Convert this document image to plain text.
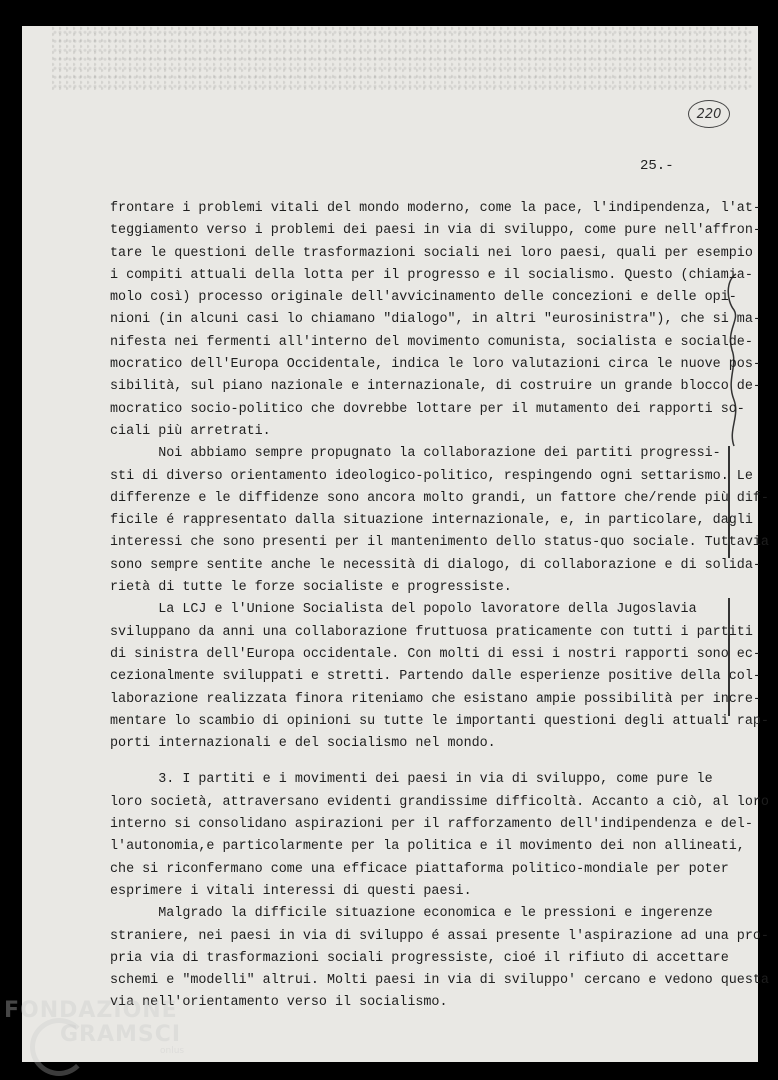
220
25.-
frontare i problemi vitali del mondo moderno, come la pace, l'indipendenza, l'at-
teggiamento verso i problemi dei paesi in via di sviluppo, come pure nell'affron-
tare le questioni delle trasformazioni sociali nei loro paesi, quali per esempio
i compiti attuali della lotta per il progresso e il socialismo. Questo (chiamia-
molo così) processo originale dell'avvicinamento delle concezioni e delle opi-
nioni (in alcuni casi lo chiamano "dialogo", in altri "eurosinistra"), che si ma-
nifesta nei fermenti all'interno del movimento comunista, socialista e socialde-
mocratico dell'Europa Occidentale, indica le loro valutazioni circa le nuove pos-
sibilità, sul piano nazionale e internazionale, di costruire un grande blocco de-
mocratico socio-politico che dovrebbe lottare per il mutamento dei rapporti so-
ciali più arretrati.
Noi abbiamo sempre propugnato la collaborazione dei partiti progressi-
sti di diverso orientamento ideologico-politico, respingendo ogni settarismo. Le
differenze e le diffidenze sono ancora molto grandi, un fattore che/rende più dif-
ficile é rappresentato dalla situazione internazionale, e, in particolare, dagli
interessi che sono presenti per il mantenimento dello status-quo sociale. Tuttavia
sono sempre sentite anche le necessità di dialogo, di collaborazione e di solida-
rietà di tutte le forze socialiste e progressiste.
La LCJ e l'Unione Socialista del popolo lavoratore della Jugoslavia
sviluppano da anni una collaborazione fruttuosa praticamente con tutti i partiti
di sinistra dell'Europa occidentale. Con molti di essi i nostri rapporti sono ec-
cezionalmente sviluppati e stretti. Partendo dalle esperienze positive della col-
laborazione realizzata finora riteniamo che esistano ampie possibilità per incre-
mentare lo scambio di opinioni su tutte le importanti questioni degli attuali rap-
porti internazionali e del socialismo nel mondo.
3. I partiti e i movimenti dei paesi in via di sviluppo, come pure le
loro società, attraversano evidenti grandissime difficoltà. Accanto a ciò, al loro
interno si consolidano aspirazioni per il rafforzamento dell'indipendenza e del-
l'autonomia,e particolarmente per la politica e il movimento dei non allineati,
che si riconfermano come una efficace piattaforma politico-mondiale per poter
esprimere i vitali interessi di questi paesi.
Malgrado la difficile situazione economica e le pressioni e ingerenze
straniere, nei paesi in via di sviluppo é assai presente l'aspirazione ad una pro-
pria via di trasformazioni sociali progressiste, cioé il rifiuto di accettare
schemi e "modelli" altrui. Molti paesi in via di sviluppo' cercano e vedono questa
via nell'orientamento verso il socialismo.
FONDAZIONE
GRAMSCI
onlus
